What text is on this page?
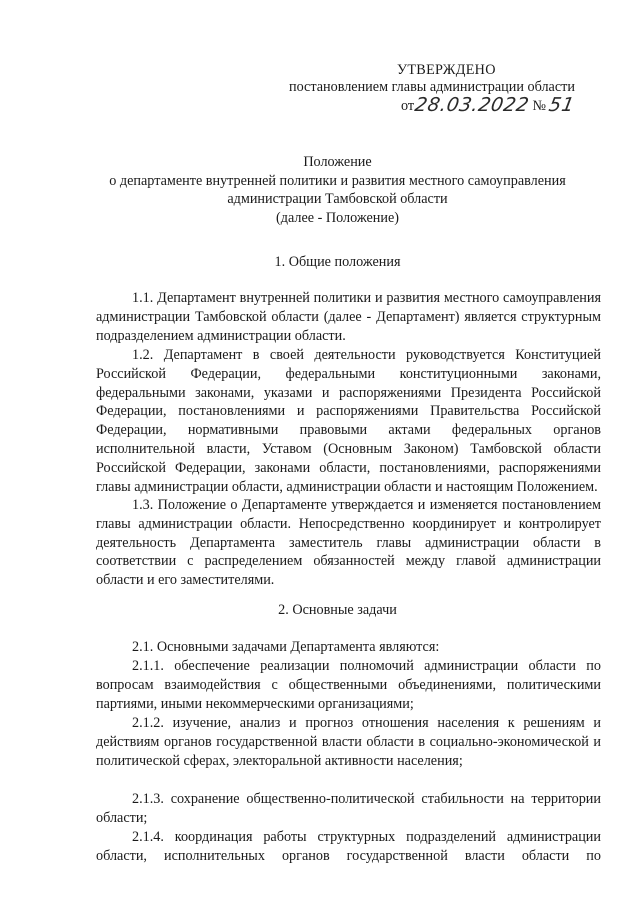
УТВЕРЖДЕНО
постановлением главы администрации области
от28.03.2022 №51
Положение
о департаменте внутренней политики и развития местного самоуправления
администрации Тамбовской области
(далее - Положение)
1. Общие положения
1.1. Департамент внутренней политики и развития местного самоуправления администрации Тамбовской области (далее - Департамент) является структурным подразделением администрации области.
1.2. Департамент в своей деятельности руководствуется Конституцией Российской Федерации, федеральными конституционными законами, федеральными законами, указами и распоряжениями Президента Российской Федерации, постановлениями и распоряжениями Правительства Российской Федерации, нормативными правовыми актами федеральных органов исполнительной власти, Уставом (Основным Законом) Тамбовской области Российской Федерации, законами области, постановлениями, распоряжениями главы администрации области, администрации области и настоящим Положением.
1.3. Положение о Департаменте утверждается и изменяется постановлением главы администрации области. Непосредственно координирует и контролирует деятельность Департамента заместитель главы администрации области в соответствии с распределением обязанностей между главой администрации области и его заместителями.
2. Основные задачи
2.1. Основными задачами Департамента являются:
2.1.1. обеспечение реализации полномочий администрации области по вопросам взаимодействия с общественными объединениями, политическими партиями, иными некоммерческими организациями;
2.1.2. изучение, анализ и прогноз отношения населения к решениям и действиям органов государственной власти области в социально-экономической и политической сферах, электоральной активности населения;
2.1.3. сохранение общественно-политической стабильности на территории области;
2.1.4. координация работы структурных подразделений администрации области, исполнительных органов государственной власти области по
